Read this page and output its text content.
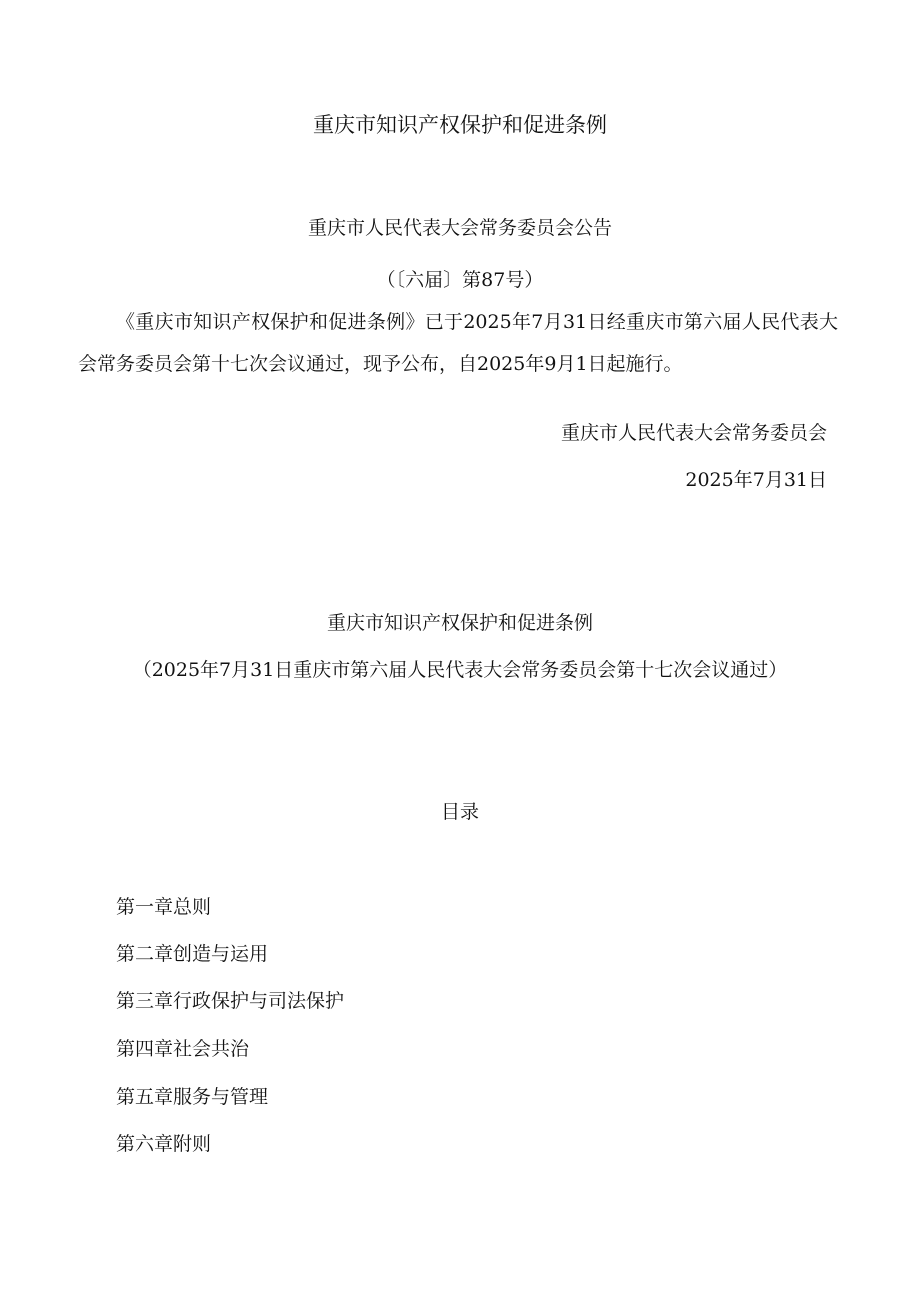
重庆市知识产权保护和促进条例
重庆市人民代表大会常务委员会公告
（〔六届〕第87号）
《重庆市知识产权保护和促进条例》已于2025年7月31日经重庆市第六届人民代表大会常务委员会第十七次会议通过，现予公布，自2025年9月1日起施行。
重庆市人民代表大会常务委员会
2025年7月31日
重庆市知识产权保护和促进条例
（2025年7月31日重庆市第六届人民代表大会常务委员会第十七次会议通过）
目录
第一章总则
第二章创造与运用
第三章行政保护与司法保护
第四章社会共治
第五章服务与管理
第六章附则
